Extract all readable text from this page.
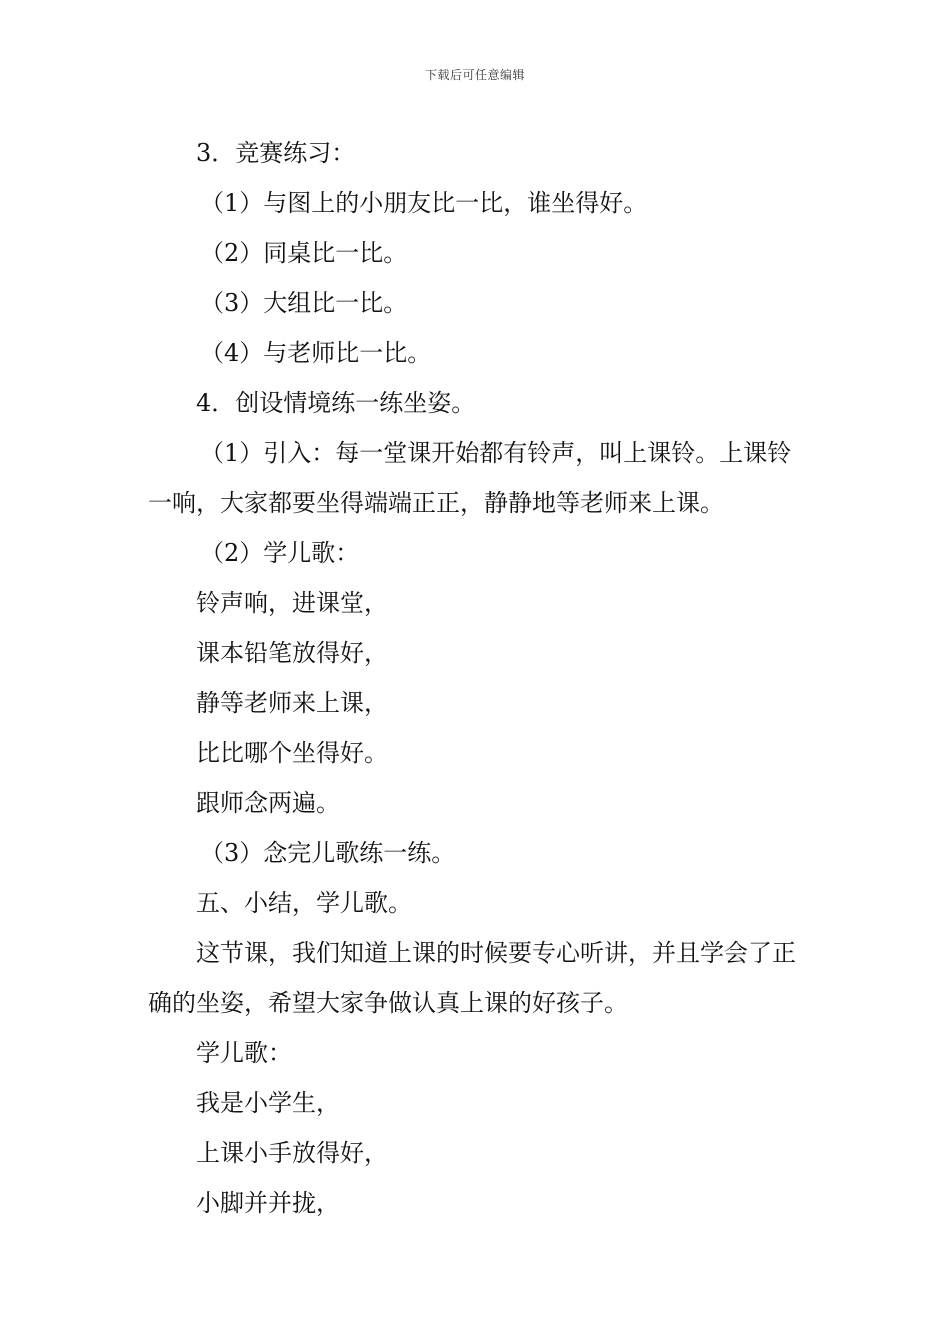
下载后可任意编辑

3．竞赛练习：

（1）与图上的小朋友比一比，谁坐得好。

（2）同桌比一比。

（3）大组比一比。

（4）与老师比一比。

4．创设情境练一练坐姿。

（1）引入：每一堂课开始都有铃声，叫上课铃。上课铃一响，大家都要坐得端端正正，静静地等老师来上课。

（2）学儿歌：

铃声响，进课堂，

课本铅笔放得好，

静等老师来上课，

比比哪个坐得好。

跟师念两遍。

（3）念完儿歌练一练。

五、小结，学儿歌。

这节课，我们知道上课的时候要专心听讲，并且学会了正确的坐姿，希望大家争做认真上课的好孩子。

学儿歌：

我是小学生，

上课小手放得好，

小脚并并拢，
